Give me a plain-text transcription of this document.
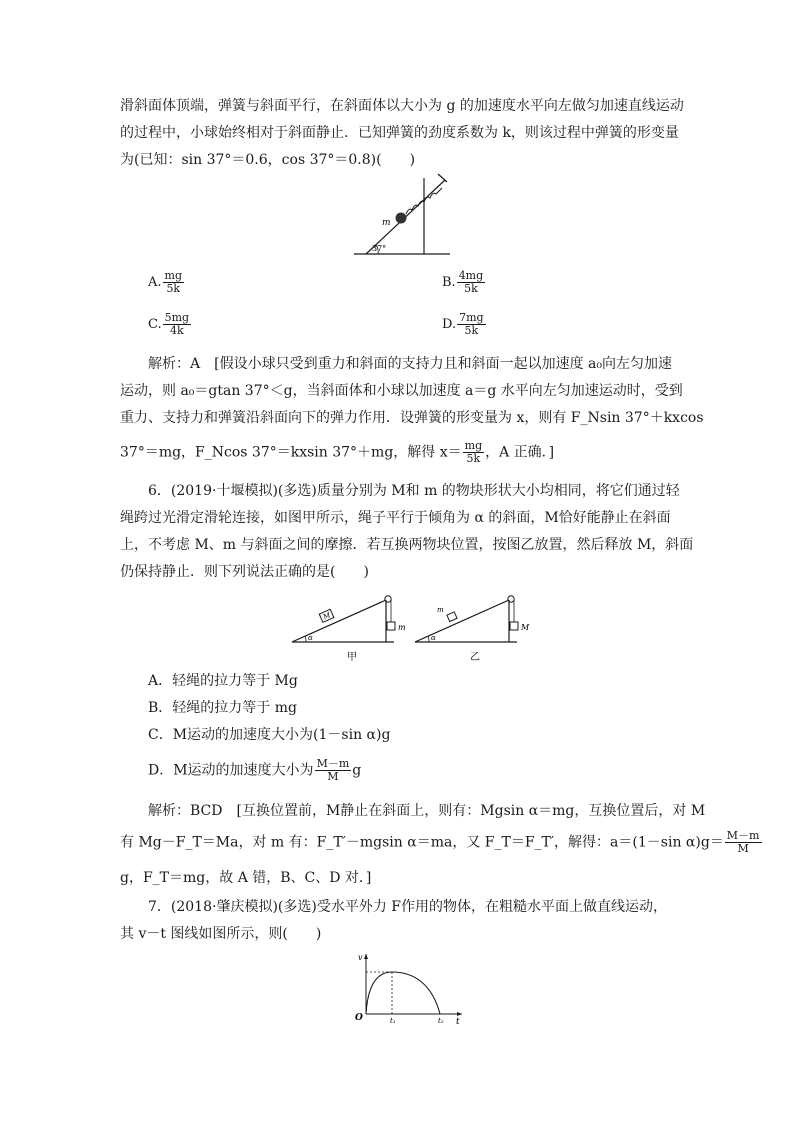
滑斜面体顶端，弹簧与斜面平行，在斜面体以大小为 g 的加速度水平向左做匀加速直线运动
的过程中，小球始终相对于斜面静止．已知弹簧的劲度系数为 k，则该过程中弹簧的形变量
为(已知：sin 37°＝0.6，cos 37°＝0.8)(　　)
m
37°
A. $\frac{mg}{5k}$	B. $\frac{4mg}{5k}$
C. $\frac{5mg}{4k}$	D. $\frac{7mg}{5k}$
解析：A　[假设小球只受到重力和斜面的支持力且和斜面一起以加速度 a₀向左匀加速
运动，则 a₀＝gtan 37°＜g，当斜面体和小球以加速度 a＝g 水平向左匀加速运动时，受到
重力、支持力和弹簧沿斜面向下的弹力作用．设弹簧的形变量为 x，则有 F_Nsin 37°＋kxcos
37°＝mg，F_Ncos 37°＝kxsin 37°＋mg，解得 $x= \frac{mg}{5k}$ ，A 正确．]
6．(2019·十堰模拟)(多选)质量分别为 M和 m 的物块形状大小均相同，将它们通过轻
绳跨过光滑定滑轮连接，如图甲所示，绳子平行于倾角为 α 的斜面，M恰好能静止在斜面
上，不考虑 M、m 与斜面之间的摩擦．若互换两物块位置，按图乙放置，然后释放 M，斜面
仍保持静止．则下列说法正确的是(　　)
m
M
α
甲
M
m
α
乙
A．轻绳的拉力等于 Mg
B．轻绳的拉力等于 mg
C．M运动的加速度大小为(1－sin α)g
D．M运动的加速度大小为 $\frac{M-m}{M}$ g
解析：BCD　[互换位置前，M静止在斜面上，则有：Mgsin α＝mg，互换位置后，对 M
有 Mg－F_T＝Ma，对 m 有：F_T′－mgsin α＝ma，又 F_T＝F_T′，解得：a＝(1－sin $\alpha)g= \frac{M-m}{M}$
g，F_T＝mg，故 A 错，B、C、D 对．]
7．(2018·肇庆模拟)(多选)受水平外力 F作用的物体，在粗糙水平面上做直线运动，
其 v－t 图线如图所示，则(　　)
v
t
O	t₁	t₂
